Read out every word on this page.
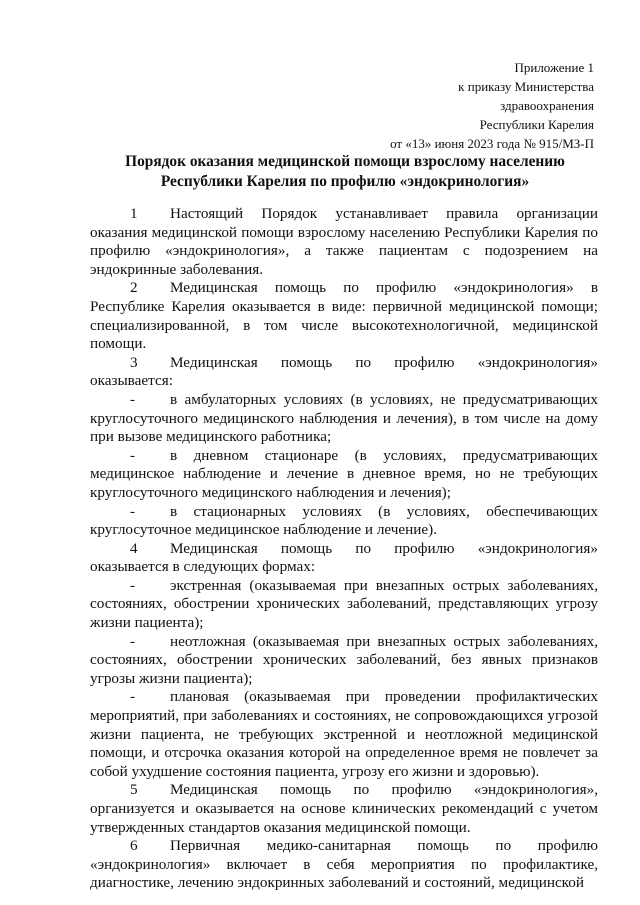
Приложение 1
к приказу Министерства
здравоохранения
Республики Карелия
от «13» июня 2023 года № 915/МЗ-П
Порядок оказания медицинской помощи взрослому населению
Республики Карелия по профилю «эндокринология»

1 Настоящий Порядок устанавливает правила организации оказания медицинской помощи взрослому населению Республики Карелия по профилю «эндокринология», а также пациентам с подозрением на эндокринные заболевания.

2 Медицинская помощь по профилю «эндокринология» в Республике Карелия оказывается в виде: первичной медицинской помощи; специализированной, в том числе высокотехнологичной, медицинской помощи.

3 Медицинская помощь по профилю «эндокринология» оказывается:

- в амбулаторных условиях (в условиях, не предусматривающих круглосуточного медицинского наблюдения и лечения), в том числе на дому при вызове медицинского работника;

- в дневном стационаре (в условиях, предусматривающих медицинское наблюдение и лечение в дневное время, но не требующих круглосуточного медицинского наблюдения и лечения);

- в стационарных условиях (в условиях, обеспечивающих круглосуточное медицинское наблюдение и лечение).

4 Медицинская помощь по профилю «эндокринология» оказывается в следующих формах:

- экстренная (оказываемая при внезапных острых заболеваниях, состояниях, обострении хронических заболеваний, представляющих угрозу жизни пациента);

- неотложная (оказываемая при внезапных острых заболеваниях, состояниях, обострении хронических заболеваний, без явных признаков угрозы жизни пациента);

- плановая (оказываемая при проведении профилактических мероприятий, при заболеваниях и состояниях, не сопровождающихся угрозой жизни пациента, не требующих экстренной и неотложной медицинской помощи, и отсрочка оказания которой на определенное время не повлечет за собой ухудшение состояния пациента, угрозу его жизни и здоровью).

5 Медицинская помощь по профилю «эндокринология», организуется и оказывается на основе клинических рекомендаций с учетом утвержденных стандартов оказания медицинской помощи.

6 Первичная медико-санитарная помощь по профилю «эндокринология» включает в себя мероприятия по профилактике, диагностике, лечению эндокринных заболеваний и состояний, медицинской
